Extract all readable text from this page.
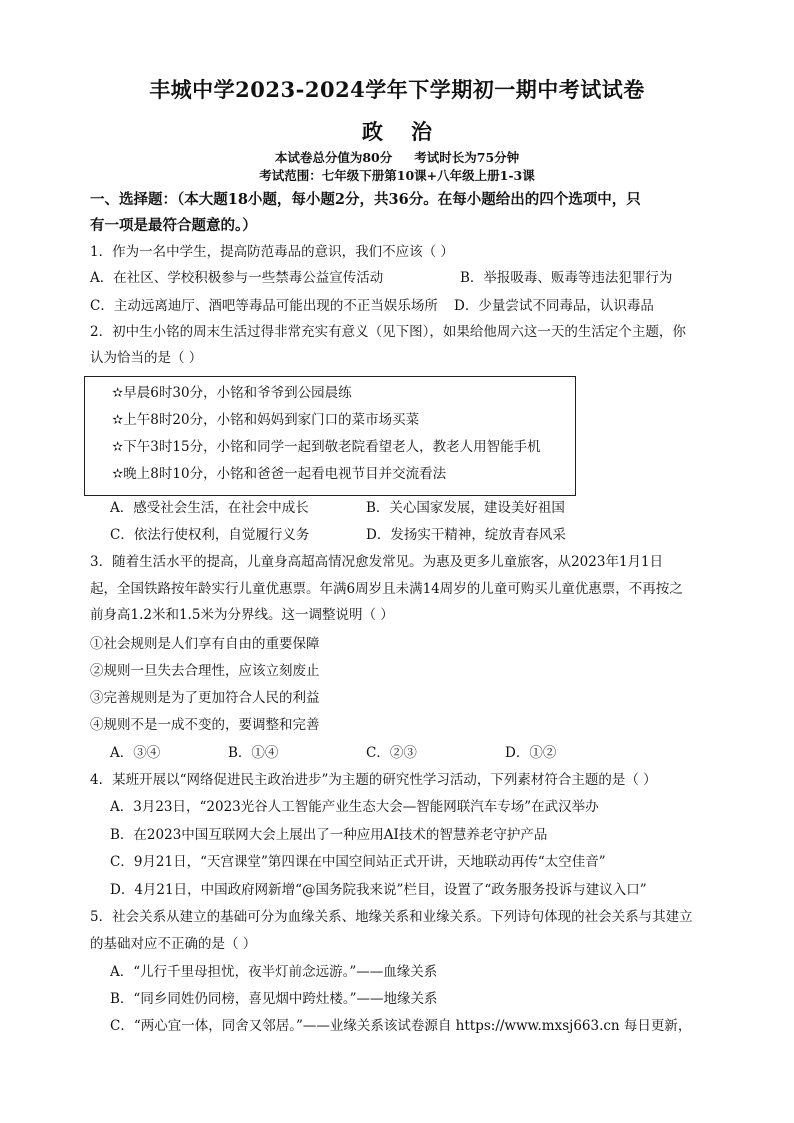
丰城中学2023-2024学年下学期初一期中考试试卷
政治
本试卷总分值为80分 考试时长为75分钟
考试范围：七年级下册第10课+八年级上册1-3课
一、选择题：（本大题18小题，每小题2分，共36分。在每小题给出的四个选项中，只
有一项是最符合题意的。）
1．作为一名中学生，提高防范毒品的意识，我们不应该（ ）
A．在社区、学校积极参与一些禁毒公益宣传活动	B．举报吸毒、贩毒等违法犯罪行为
C．主动远离迪厅、酒吧等毒品可能出现的不正当娱乐场所 D．少量尝试不同毒品，认识毒品
2．初中生小铭的周末生活过得非常充实有意义（见下图），如果给他周六这一天的生活定个主题，你
认为恰当的是（ ）
✫早晨6时30分，小铭和爷爷到公园晨练
✫上午8时20分，小铭和妈妈到家门口的菜市场买菜
✫下午3时15分，小铭和同学一起到敬老院看望老人，教老人用智能手机
✫晚上8时10分，小铭和爸爸一起看电视节目并交流看法
A．感受社会生活，在社会中成长	B．关心国家发展，建设美好祖国
C．依法行使权利，自觉履行义务	D．发扬实干精神，绽放青春风采
3．随着生活水平的提高，儿童身高超高情况愈发常见。为惠及更多儿童旅客，从2023年1月1日
起，全国铁路按年龄实行儿童优惠票。年满6周岁且未满14周岁的儿童可购买儿童优惠票，不再按之
前身高1.2米和1.5米为分界线。这一调整说明（ ）
①社会规则是人们享有自由的重要保障
②规则一旦失去合理性，应该立刻废止
③完善规则是为了更加符合人民的利益
④规则不是一成不变的，要调整和完善
A．③④	B．①④	C．②③	D．①②
4．某班开展以“网络促进民主政治进步”为主题的研究性学习活动，下列素材符合主题的是（ ）
A．3月23日，“2023光谷人工智能产业生态大会—智能网联汽车专场”在武汉举办
B．在2023中国互联网大会上展出了一种应用AI技术的智慧养老守护产品
C．9月21日，“天宫课堂”第四课在中国空间站正式开讲，天地联动再传“太空佳音”
D．4月21日，中国政府网新增“@国务院我来说”栏目，设置了“政务服务投诉与建议入口”
5．社会关系从建立的基础可分为血缘关系、地缘关系和业缘关系。下列诗句体现的社会关系与其建立
的基础对应不正确的是（ ）
A．“儿行千里母担忧，夜半灯前念远游。”——血缘关系
B．“同乡同姓仍同榜，喜见烟中跨灶楼。”——地缘关系
C．“两心宜一体，同舍又邻居。”——业缘关系该试卷源自 https://www.mxsj663.cn 每日更新，
